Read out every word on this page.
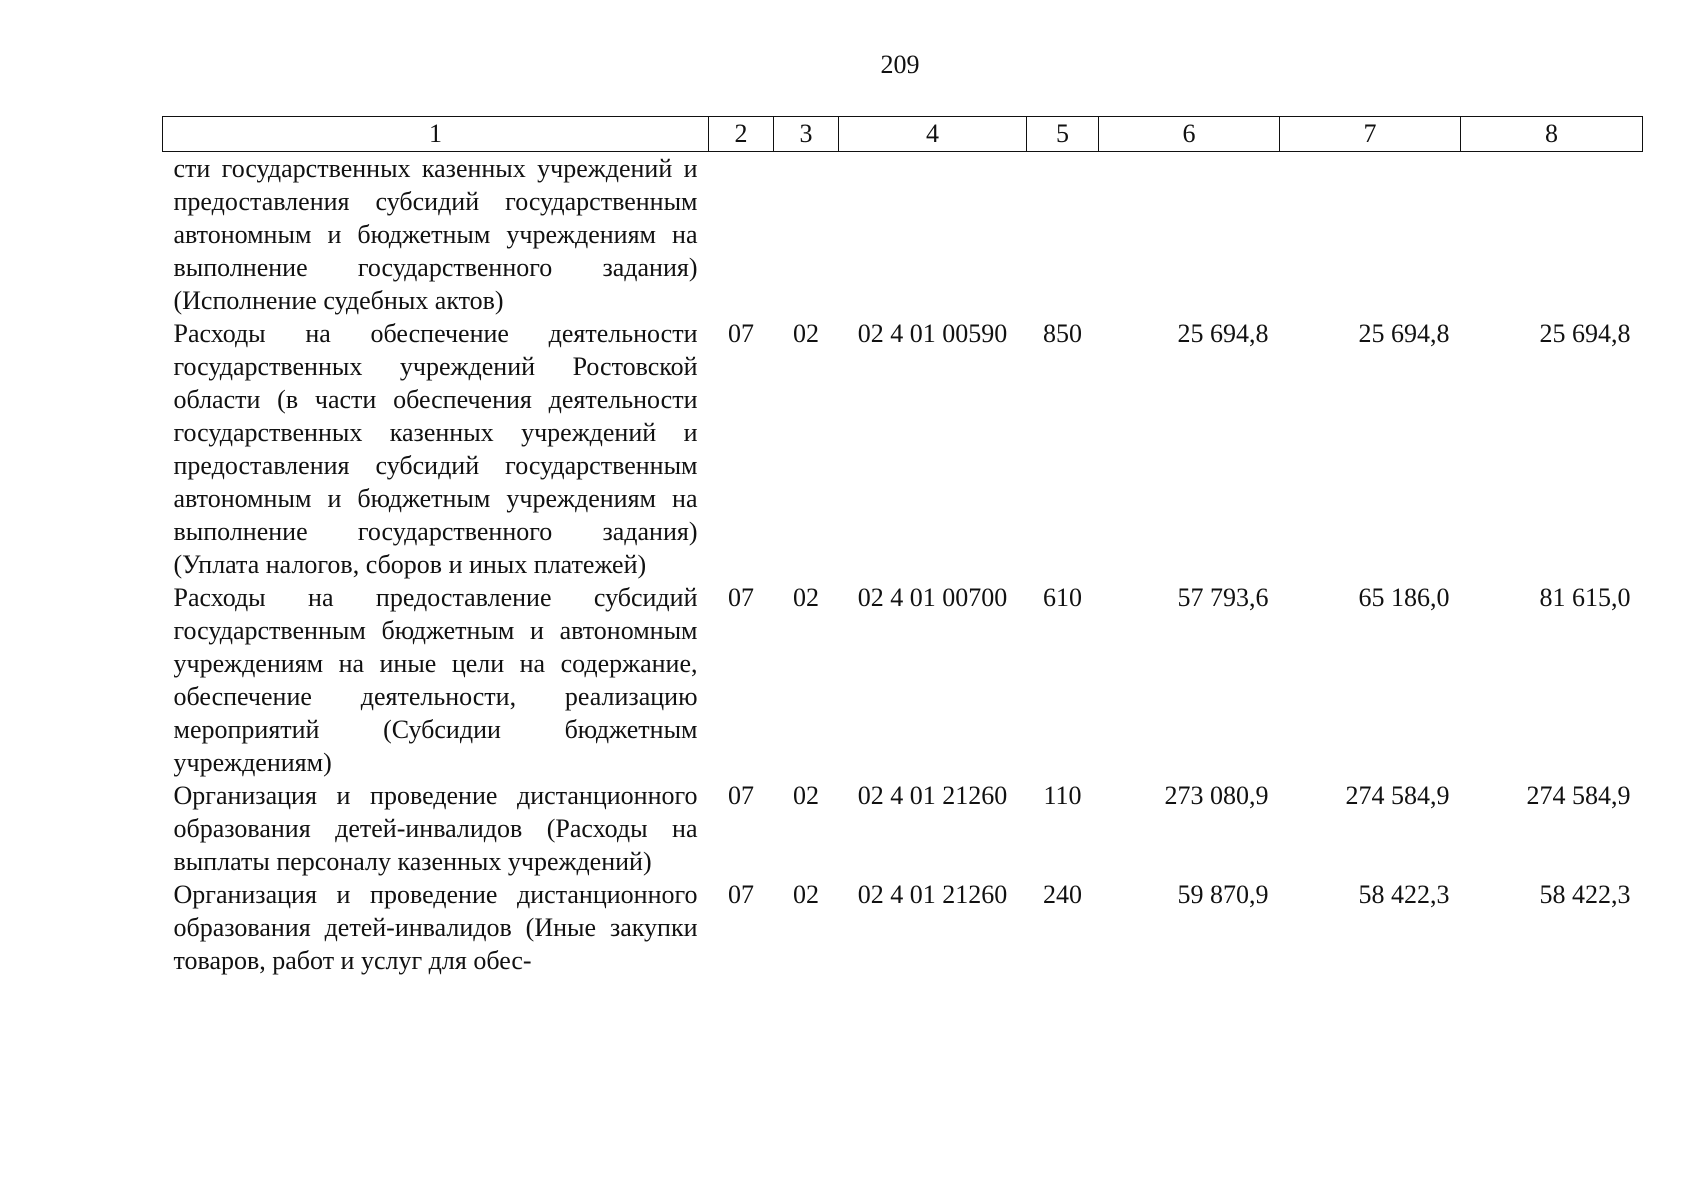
209
1	2	3	4	5	6	7	8
сти государственных казенных учреждений и предоставления субсидий государственным автономным и бюджетным учреждениям на выполнение государственного задания) (Исполнение судебных актов)							
Расходы на обеспечение деятельности государственных учреждений Ростовской области (в части обеспечения деятельности государственных казенных учреждений и предоставления субсидий государственным автономным и бюджетным учреждениям на выполнение государственного задания) (Уплата налогов, сборов и иных платежей)	07	02	02 4 01 00590	850	25 694,8	25 694,8	25 694,8
Расходы на предоставление субсидий государственным бюджетным и автономным учреждениям на иные цели на содержание, обеспечение деятельности, реализацию мероприятий (Субсидии бюджетным учреждениям)	07	02	02 4 01 00700	610	57 793,6	65 186,0	81 615,0
Организация и проведение дистанционного образования детей-инвалидов (Расходы на выплаты персоналу казенных учреждений)	07	02	02 4 01 21260	110	273 080,9	274 584,9	274 584,9
Организация и проведение дистанционного образования детей-инвалидов (Иные закупки товаров, работ и услуг для обес-	07	02	02 4 01 21260	240	59 870,9	58 422,3	58 422,3
